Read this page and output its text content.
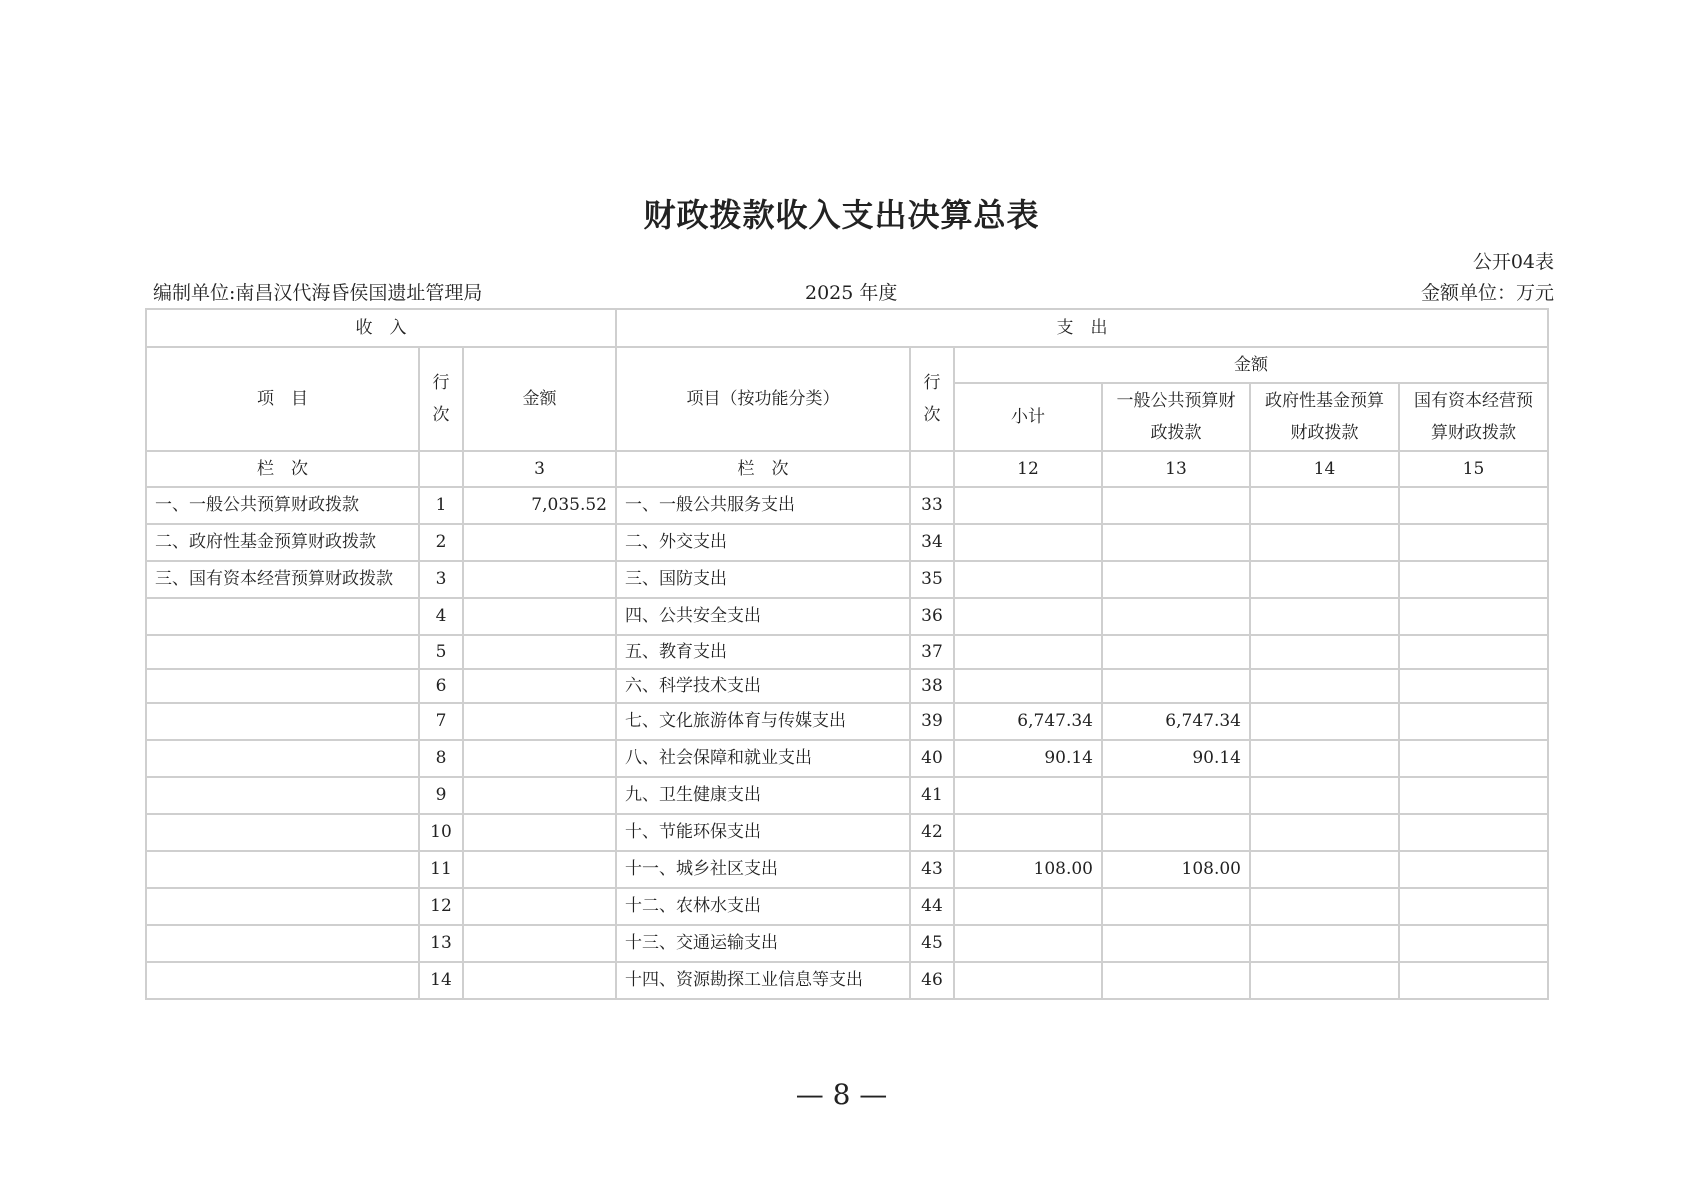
财政拨款收入支出决算总表
公开04表
编制单位:南昌汉代海昏侯国遗址管理局	2025 年度	金额单位：万元
收　入			支　出					
项　目	行次	金额	项目（按功能分类）	行次	金额			
					小计	一般公共预算财政拨款	政府性基金预算财政拨款	国有资本经营预算财政拨款
栏　次		3	栏　次		12	13	14	15
一、一般公共预算财政拨款	1	7,035.52	一、一般公共服务支出	33				
二、政府性基金预算财政拨款	2		二、外交支出	34				
三、国有资本经营预算财政拨款	3		三、国防支出	35				
	4		四、公共安全支出	36				
	5		五、教育支出	37				
	6		六、科学技术支出	38				
	7		七、文化旅游体育与传媒支出	39	6,747.34	6,747.34		
	8		八、社会保障和就业支出	40	90.14	90.14		
	9		九、卫生健康支出	41				
	10		十、节能环保支出	42				
	11		十一、城乡社区支出	43	108.00	108.00		
	12		十二、农林水支出	44				
	13		十三、交通运输支出	45				
	14		十四、资源勘探工业信息等支出	46				
— 8 —
